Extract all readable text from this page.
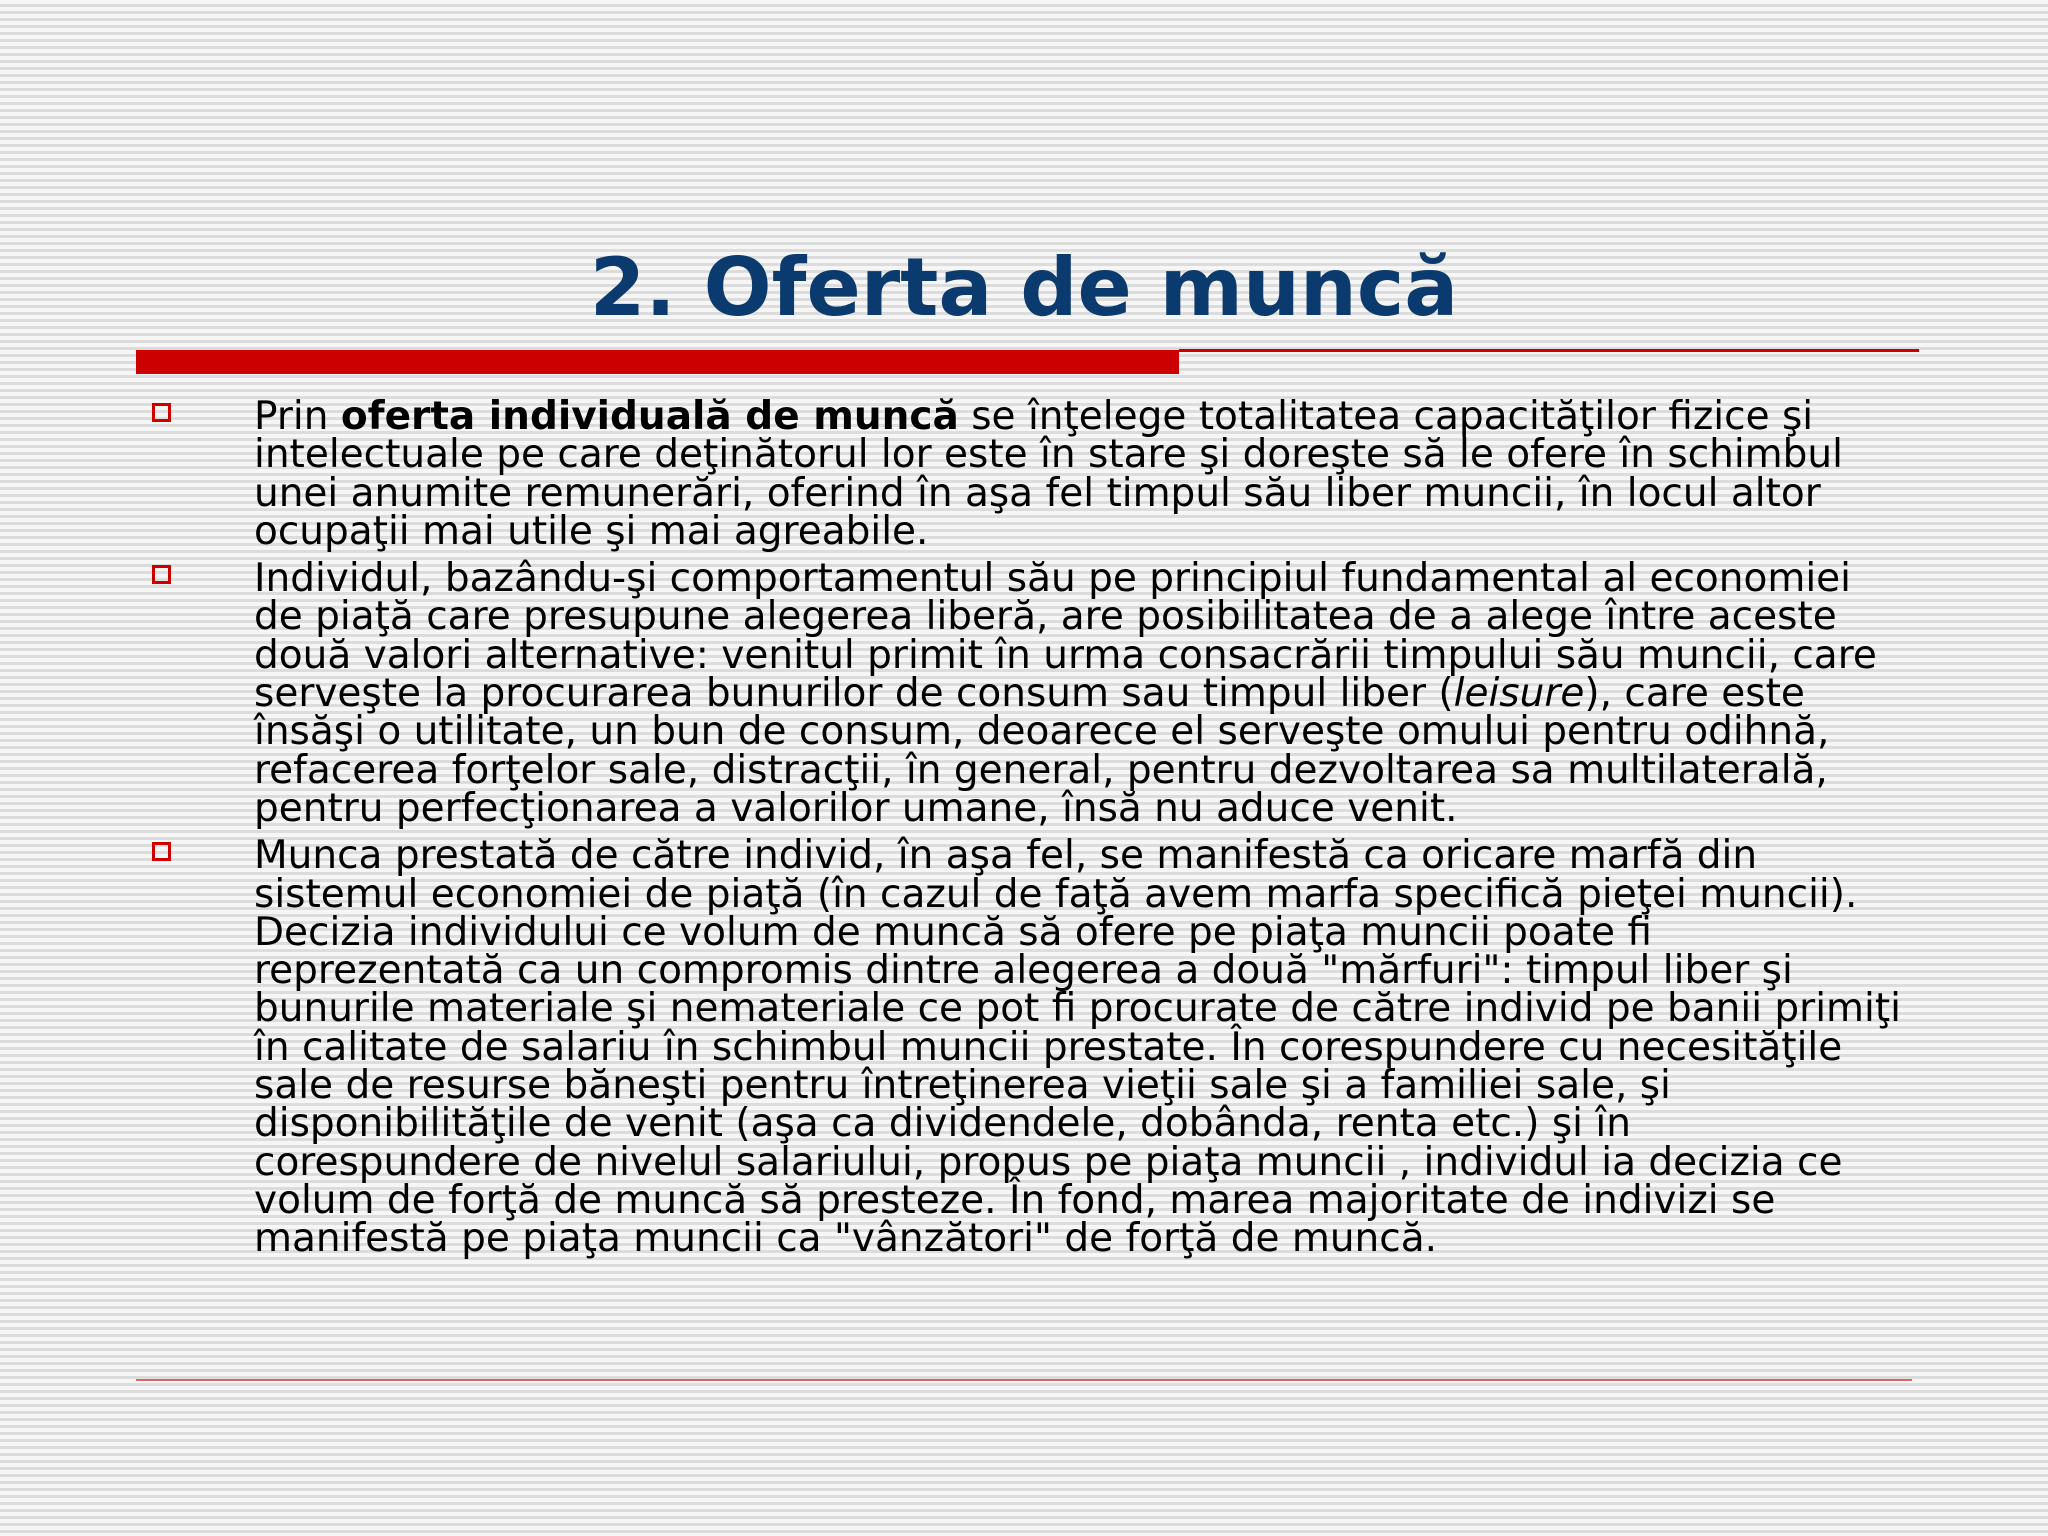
2. Oferta de muncă
Prin oferta individuală de muncă se înţelege totalitatea capacităţilor fizice şi intelectuale pe care deţinătorul lor este în stare şi doreşte să le ofere în schimbul unei anumite remunerări, oferind în aşa fel timpul său liber muncii, în locul altor ocupaţii mai utile şi mai agreabile.
Individul, bazându-şi comportamentul său pe principiul fundamental al economiei de piaţă care presupune alegerea liberă, are posibilitatea de a alege între aceste două valori alternative: venitul primit în urma consacrării timpului său muncii, care serveşte la procurarea bunurilor de consum sau timpul liber (leisure), care este însăşi o utilitate, un bun de consum, deoarece el serveşte omului pentru odihnă, refacerea forţelor sale, distracţii, în general, pentru dezvoltarea sa multilaterală, pentru perfecţionarea a valorilor umane, însă nu aduce venit.
Munca prestată de către individ, în aşa fel, se manifestă ca oricare marfă din sistemul economiei de piaţă (în cazul de faţă avem marfa specifică pieţei muncii). Decizia individului ce volum de muncă să ofere pe piaţa muncii poate fi reprezentată ca un compromis dintre alegerea a două "mărfuri": timpul liber şi bunurile materiale şi nemateriale ce pot fi procurate de către individ pe banii primiţi în calitate de salariu în schimbul muncii prestate. În corespundere cu necesităţile sale de resurse băneşti pentru întreţinerea vieţii sale şi a familiei sale, şi disponibilităţile de venit (aşa ca dividendele, dobânda, renta etc.) şi în corespundere de nivelul salariului, propus pe piaţa muncii , individul ia decizia ce volum de forţă de muncă să presteze. În fond, marea majoritate de indivizi se manifestă pe piaţa muncii ca "vânzători" de forţă de muncă.
